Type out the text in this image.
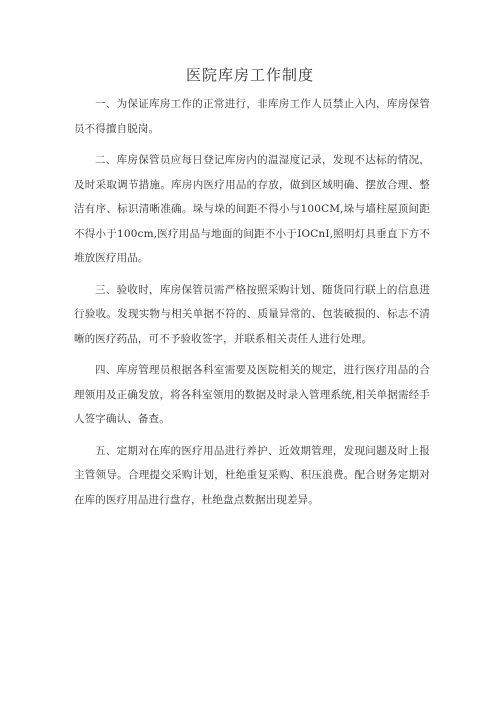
医院库房工作制度

一、为保证库房工作的正常进行，非库房工作人员禁止入内，库房保管员不得擅自脱岗。

二、库房保管员应每日登记库房内的温湿度记录，发现不达标的情况，及时采取调节措施。库房内医疗用品的存放，做到区域明确、摆放合理、整洁有序、标识清晰准确。垛与垛的间距不得小与100CM,垛与墙柱屋顶间距不得小于100cm,医疗用品与地面的间距不小于IOCnI,照明灯具垂直下方不堆放医疗用品。

三、验收时，库房保管员需严格按照采购计划、随货同行联上的信息进行验收。发现实物与相关单据不符的、质量异常的、包装破损的、标志不清晰的医疗药品，可不予验收签字，并联系相关责任人进行处理。

四、库房管理员根据各科室需要及医院相关的规定，进行医疗用品的合理领用及正确发放，将各科室领用的数据及时录入管理系统,相关单据需经手人签字确认、备查。

五、定期对在库的医疗用品进行养护、近效期管理，发现问题及时上报主管领导。合理提交采购计划，杜绝重复采购、积压浪费。配合财务定期对在库的医疗用品进行盘存，杜绝盘点数据出现差异。
